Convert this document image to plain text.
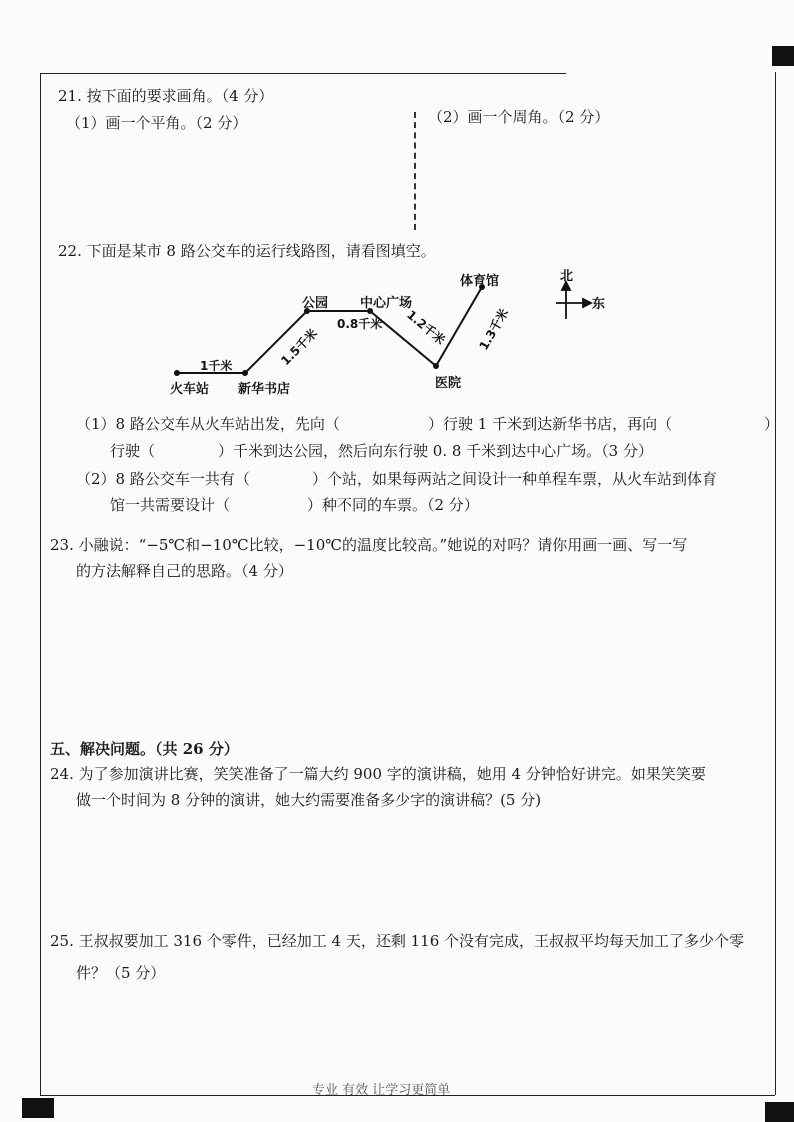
21. 按下面的要求画角。（4 分）
（1）画一个平角。（2 分）	（2）画一个周角。（2 分）
22. 下面是某市 8 路公交车的运行线路图，请看图填空。
火车站 新华书店
公园 中心广场
医院
体育馆
1千米	1.5千米
0.8千米 1.2千米 1.3千米
北
东
（1）8 路公交车从火车站出发，先向（	）行驶 1 千米到达新华书店，再向（	）
行驶（	）千米到达公园，然后向东行驶 0. 8 千米到达中心广场。（3 分）
（2）8 路公交车一共有（	）个站，如果每两站之间设计一种单程车票，从火车站到体育
馆一共需要设计（	）种不同的车票。（2 分）
23. 小融说：“−5℃和−10℃比较，−10℃的温度比较高。”她说的对吗？请你用画一画、写一写
的方法解释自己的思路。（4 分）
五、解决问题。（共 26 分）
24. 为了参加演讲比赛，笑笑准备了一篇大约 900 字的演讲稿，她用 4 分钟恰好讲完。如果笑笑要
做一个时间为 8 分钟的演讲，她大约需要准备多少字的演讲稿？(5 分)
25. 王叔叔要加工 316 个零件，已经加工 4 天，还剩 116 个没有完成，王叔叔平均每天加工了多少个零
件？（5 分）
专业 有效 让学习更简单
